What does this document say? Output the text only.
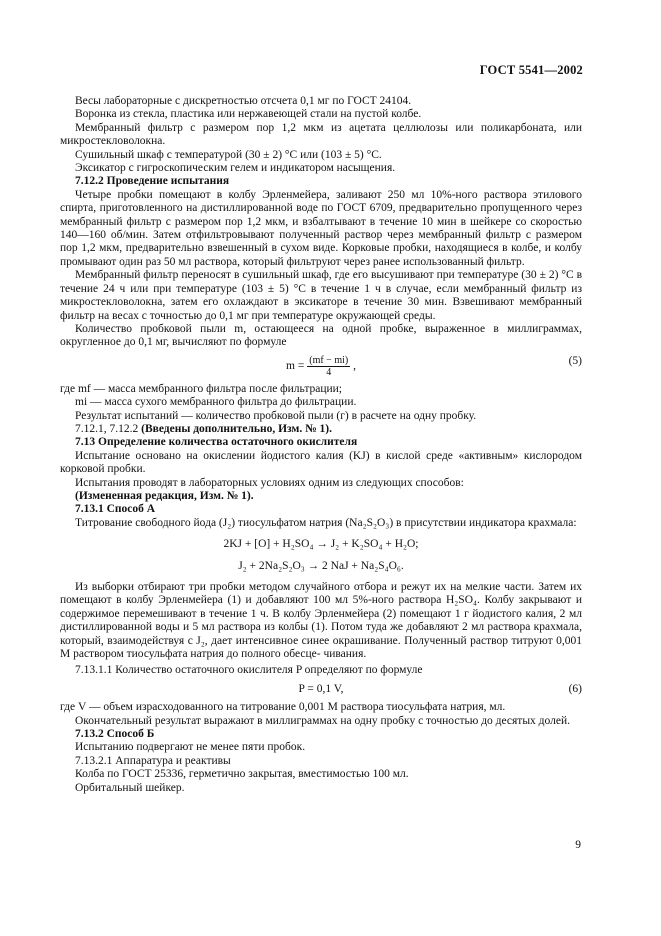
ГОСТ 5541—2002

Весы лабораторные с дискретностью отсчета 0,1 мг по ГОСТ 24104.

Воронка из стекла, пластика или нержавеющей стали на пустой колбе.

Мембранный фильтр с размером пор 1,2 мкм из ацетата целлюлозы или поликарбоната, или микростекловолокна.

Сушильный шкаф с температурой (30 ± 2) °С или (103 ± 5) °С.

Эксикатор с гигроскопическим гелем и индикатором насыщения.

7.12.2 Проведение испытания

Четыре пробки помещают в колбу Эрленмейера, заливают 250 мл 10%-ного раствора этилового спирта, приготовленного на дистиллированной воде по ГОСТ 6709, предварительно пропущенного через мембранный фильтр с размером пор 1,2 мкм, и взбалтывают в течение 10 мин в шейкере со скоростью 140—160 об/мин. Затем отфильтровывают полученный раствор через мембранный фильтр с размером пор 1,2 мкм, предварительно взвешенный в сухом виде. Корковые пробки, находящиеся в колбе, и колбу промывают один раз 50 мл раствора, который фильтруют через ранее использованный фильтр.

Мембранный фильтр переносят в сушильный шкаф, где его высушивают при температуре (30 ± 2) °С в течение 24 ч или при температуре (103 ± 5) °С в течение 1 ч в случае, если мембранный фильтр из микростекловолокна, затем его охлаждают в эксикаторе в течение 30 мин. Взвешивают мембранный фильтр на весах с точностью до 0,1 мг при температуре окружающей среды.

Количество пробковой пыли m, остающееся на одной пробке, выраженное в миллиграммах, округленное до 0,1 мг, вычисляют по формуле

$m = \frac{(mf - mi)}{4}$ ,	(5)

где mf — масса мембранного фильтра после фильтрации;

mi — масса сухого мембранного фильтра до фильтрации.

Результат испытаний — количество пробковой пыли (г) в расчете на одну пробку.

7.12.1, 7.12.2 (Введены дополнительно, Изм. № 1).

7.13 Определение количества остаточного окислителя

Испытание основано на окислении йодистого калия (KJ) в кислой среде «активным» кислородом корковой пробки.

Испытания проводят в лабораторных условиях одним из следующих способов:

(Измененная редакция, Изм. № 1).

7.13.1 Способ А

Титрование свободного йода (J₂) тиосульфатом натрия (Na₂S₂O₃) в присутствии индикатора крахмала:

2KJ + [O] + H₂SO₄ → J₂ + K₂SO₄ + H₂O;
J₂ + 2Na₂S₂O₃ → 2 NaJ + Na₂S₄O₆.

Из выборки отбирают три пробки методом случайного отбора и режут их на мелкие части. Затем их помещают в колбу Эрленмейера (1) и добавляют 100 мл 5%-ного раствора H₂SO₄. Колбу закрывают и содержимое перемешивают в течение 1 ч. В колбу Эрленмейера (2) помещают 1 г йодистого калия, 2 мл дистиллированной воды и 5 мл раствора из колбы (1). Потом туда же добавляют 2 мл раствора крахмала, который, взаимодействуя с J₂, дает интенсивное синее окрашивание. Полученный раствор титруют 0,001 М раствором тиосульфата натрия до полного обесце- чивания.

7.13.1.1 Количество остаточного окислителя P определяют по формуле

P = 0,1 V,	(6)

где V — объем израсходованного на титрование 0,001 М раствора тиосульфата натрия, мл.

Окончательный результат выражают в миллиграммах на одну пробку с точностью до десятых долей.

7.13.2 Способ Б

Испытанию подвергают не менее пяти пробок.

7.13.2.1 Аппаратура и реактивы

Колба по ГОСТ 25336, герметично закрытая, вместимостью 100 мл.

Орбитальный шейкер.

9
